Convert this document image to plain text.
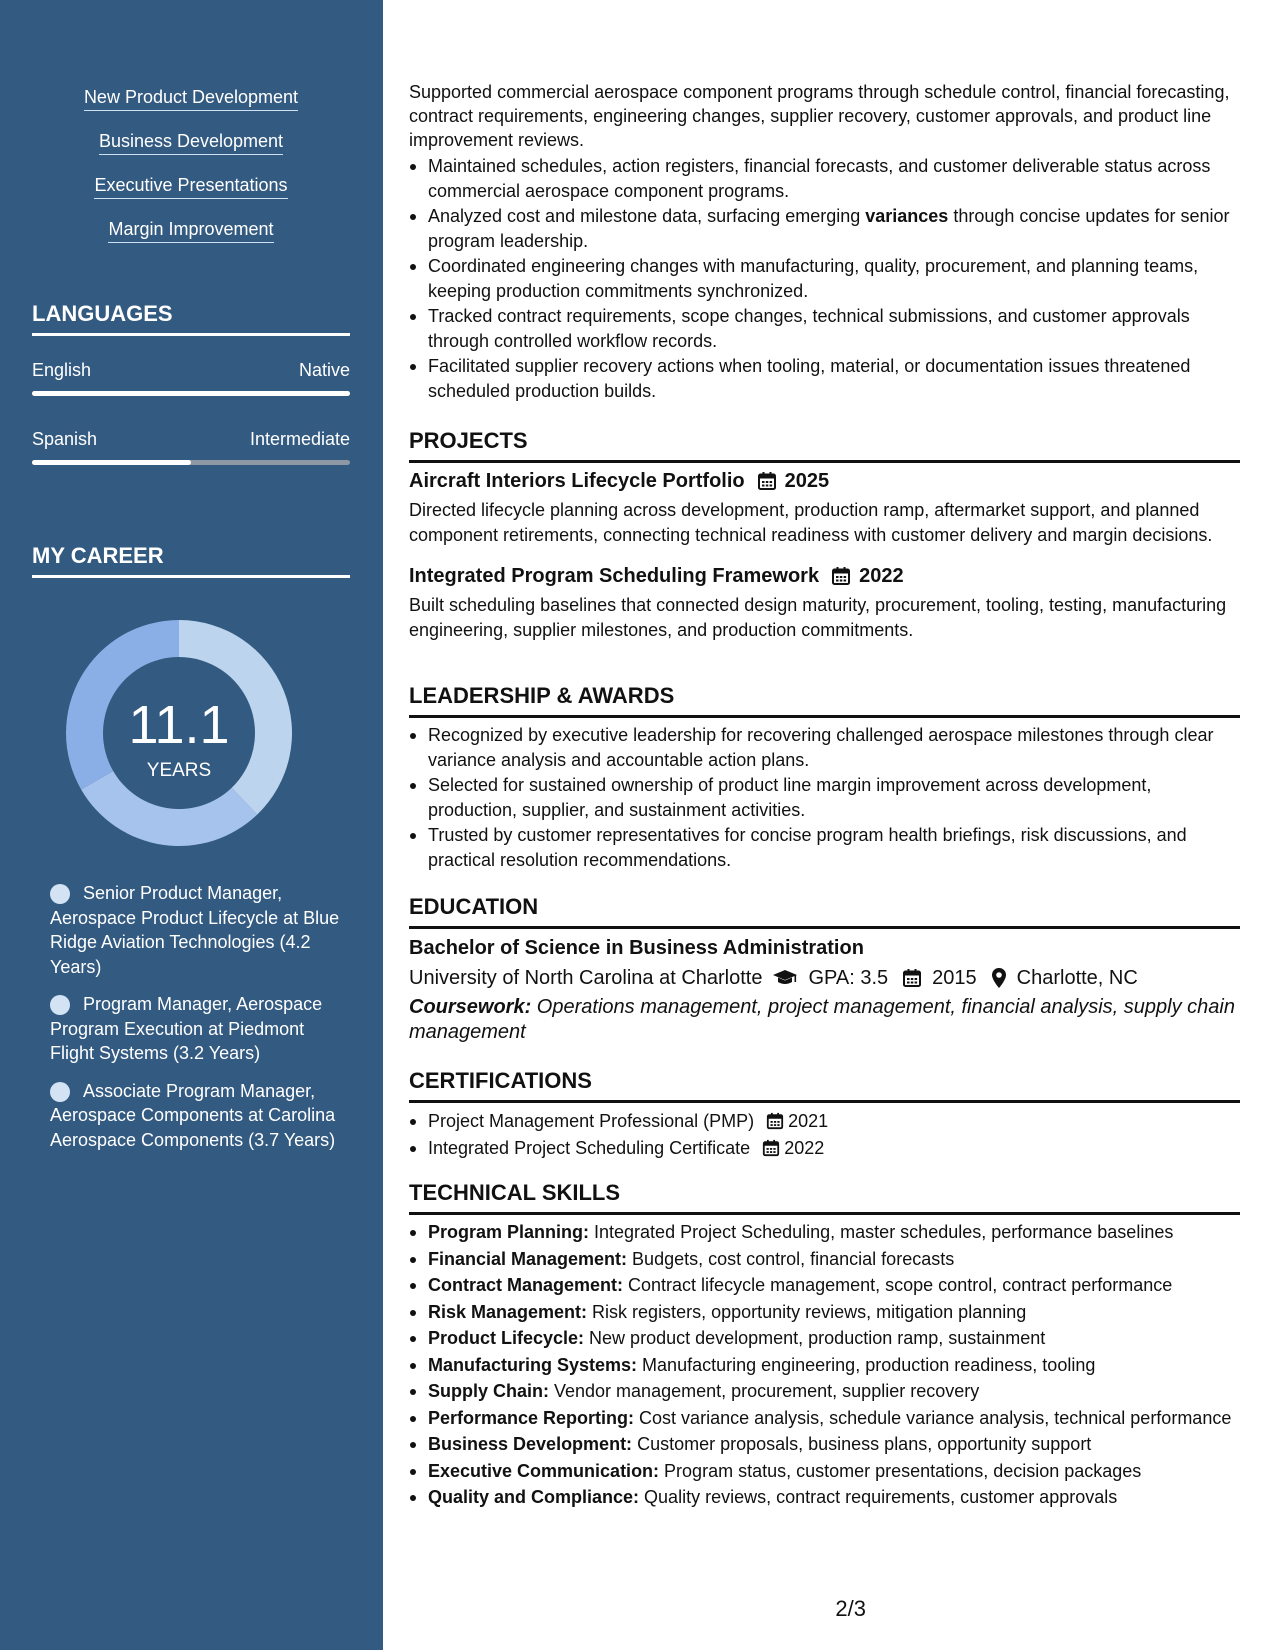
New Product Development
Business Development
Executive Presentations
Margin Improvement
LANGUAGES
English	Native
Spanish	Intermediate
MY CAREER
11.1
YEARS
Senior Product Manager, Aerospace Product Lifecycle at Blue Ridge Aviation Technologies (4.2 Years)
Program Manager, Aerospace Program Execution at Piedmont Flight Systems (3.2 Years)
Associate Program Manager, Aerospace Components at Carolina Aerospace Components (3.7 Years)
Supported commercial aerospace component programs through schedule control, financial forecasting, contract requirements, engineering changes, supplier recovery, customer approvals, and product line improvement reviews.
Maintained schedules, action registers, financial forecasts, and customer deliverable status across commercial aerospace component programs.
Analyzed cost and milestone data, surfacing emerging variances through concise updates for senior program leadership.
Coordinated engineering changes with manufacturing, quality, procurement, and planning teams, keeping production commitments synchronized.
Tracked contract requirements, scope changes, technical submissions, and customer approvals through controlled workflow records.
Facilitated supplier recovery actions when tooling, material, or documentation issues threatened scheduled production builds.
PROJECTS
Aircraft Interiors Lifecycle Portfolio 2025
Directed lifecycle planning across development, production ramp, aftermarket support, and planned component retirements, connecting technical readiness with customer delivery and margin decisions.
Integrated Program Scheduling Framework 2022
Built scheduling baselines that connected design maturity, procurement, tooling, testing, manufacturing engineering, supplier milestones, and production commitments.
LEADERSHIP & AWARDS
Recognized by executive leadership for recovering challenged aerospace milestones through clear variance analysis and accountable action plans.
Selected for sustained ownership of product line margin improvement across development, production, supplier, and sustainment activities.
Trusted by customer representatives for concise program health briefings, risk discussions, and practical resolution recommendations.
EDUCATION
Bachelor of Science in Business Administration
University of North Carolina at Charlotte GPA: 3.5 2015 Charlotte, NC
Coursework: Operations management, project management, financial analysis, supply chain management
CERTIFICATIONS
Project Management Professional (PMP) 2021
Integrated Project Scheduling Certificate 2022
TECHNICAL SKILLS
Program Planning: Integrated Project Scheduling, master schedules, performance baselines
Financial Management: Budgets, cost control, financial forecasts
Contract Management: Contract lifecycle management, scope control, contract performance
Risk Management: Risk registers, opportunity reviews, mitigation planning
Product Lifecycle: New product development, production ramp, sustainment
Manufacturing Systems: Manufacturing engineering, production readiness, tooling
Supply Chain: Vendor management, procurement, supplier recovery
Performance Reporting: Cost variance analysis, schedule variance analysis, technical performance
Business Development: Customer proposals, business plans, opportunity support
Executive Communication: Program status, customer presentations, decision packages
Quality and Compliance: Quality reviews, contract requirements, customer approvals
2/3
